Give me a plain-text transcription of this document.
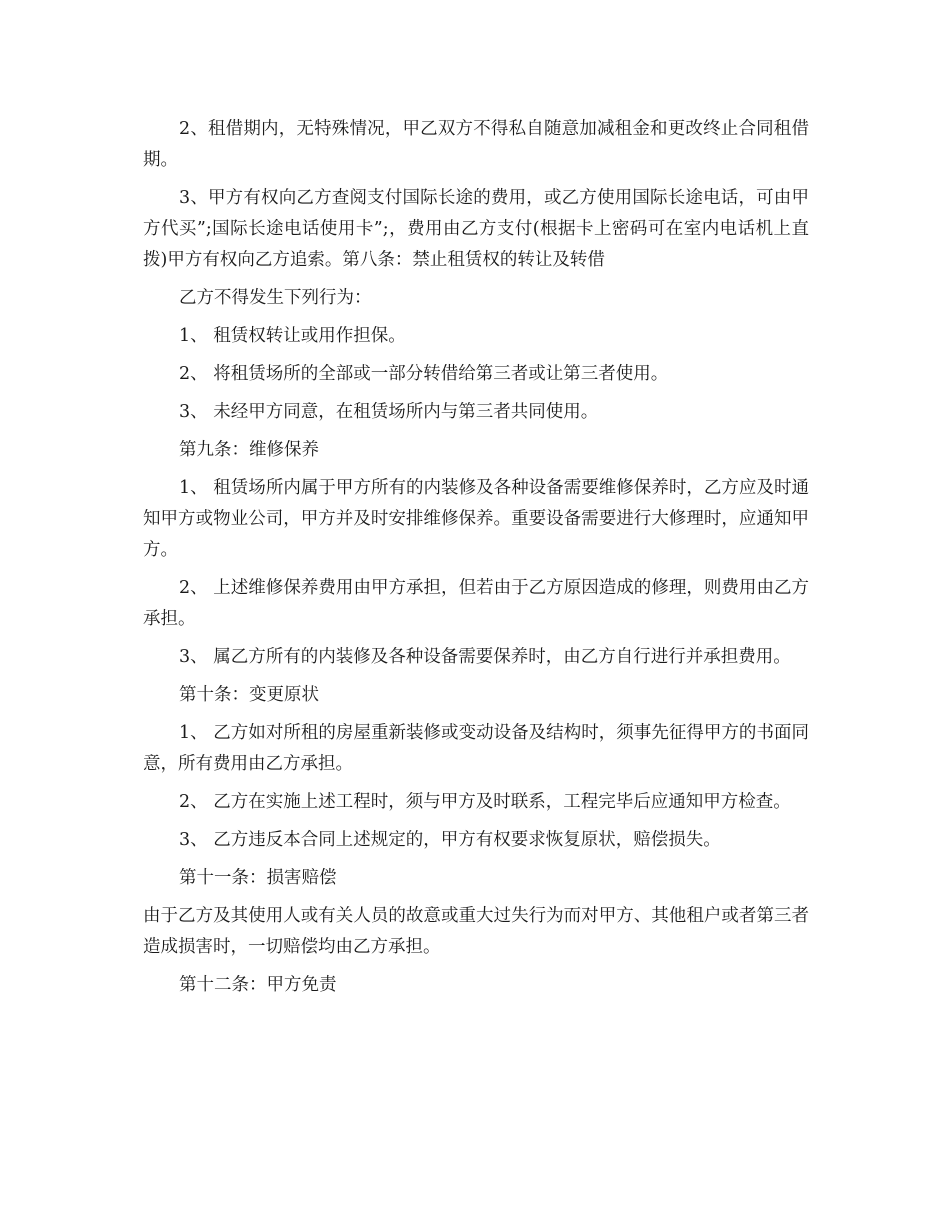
2、租借期内，无特殊情况，甲乙双方不得私自随意加减租金和更改终止合同租借期。

3、甲方有权向乙方查阅支付国际长途的费用，或乙方使用国际长途电话，可由甲方代买”;国际长途电话使用卡”;，费用由乙方支付(根据卡上密码可在室内电话机上直拨)甲方有权向乙方追索。第八条：禁止租赁权的转让及转借

乙方不得发生下列行为：

1、 租赁权转让或用作担保。

2、 将租赁场所的全部或一部分转借给第三者或让第三者使用。

3、 未经甲方同意，在租赁场所内与第三者共同使用。

第九条：维修保养

1、 租赁场所内属于甲方所有的内装修及各种设备需要维修保养时，乙方应及时通知甲方或物业公司，甲方并及时安排维修保养。重要设备需要进行大修理时，应通知甲方。

2、 上述维修保养费用由甲方承担，但若由于乙方原因造成的修理，则费用由乙方承担。

3、 属乙方所有的内装修及各种设备需要保养时，由乙方自行进行并承担费用。

第十条：变更原状

1、 乙方如对所租的房屋重新装修或变动设备及结构时，须事先征得甲方的书面同意，所有费用由乙方承担。

2、 乙方在实施上述工程时，须与甲方及时联系，工程完毕后应通知甲方检查。

3、 乙方违反本合同上述规定的，甲方有权要求恢复原状，赔偿损失。

第十一条：损害赔偿

由于乙方及其使用人或有关人员的故意或重大过失行为而对甲方、其他租户或者第三者造成损害时，一切赔偿均由乙方承担。

第十二条：甲方免责
